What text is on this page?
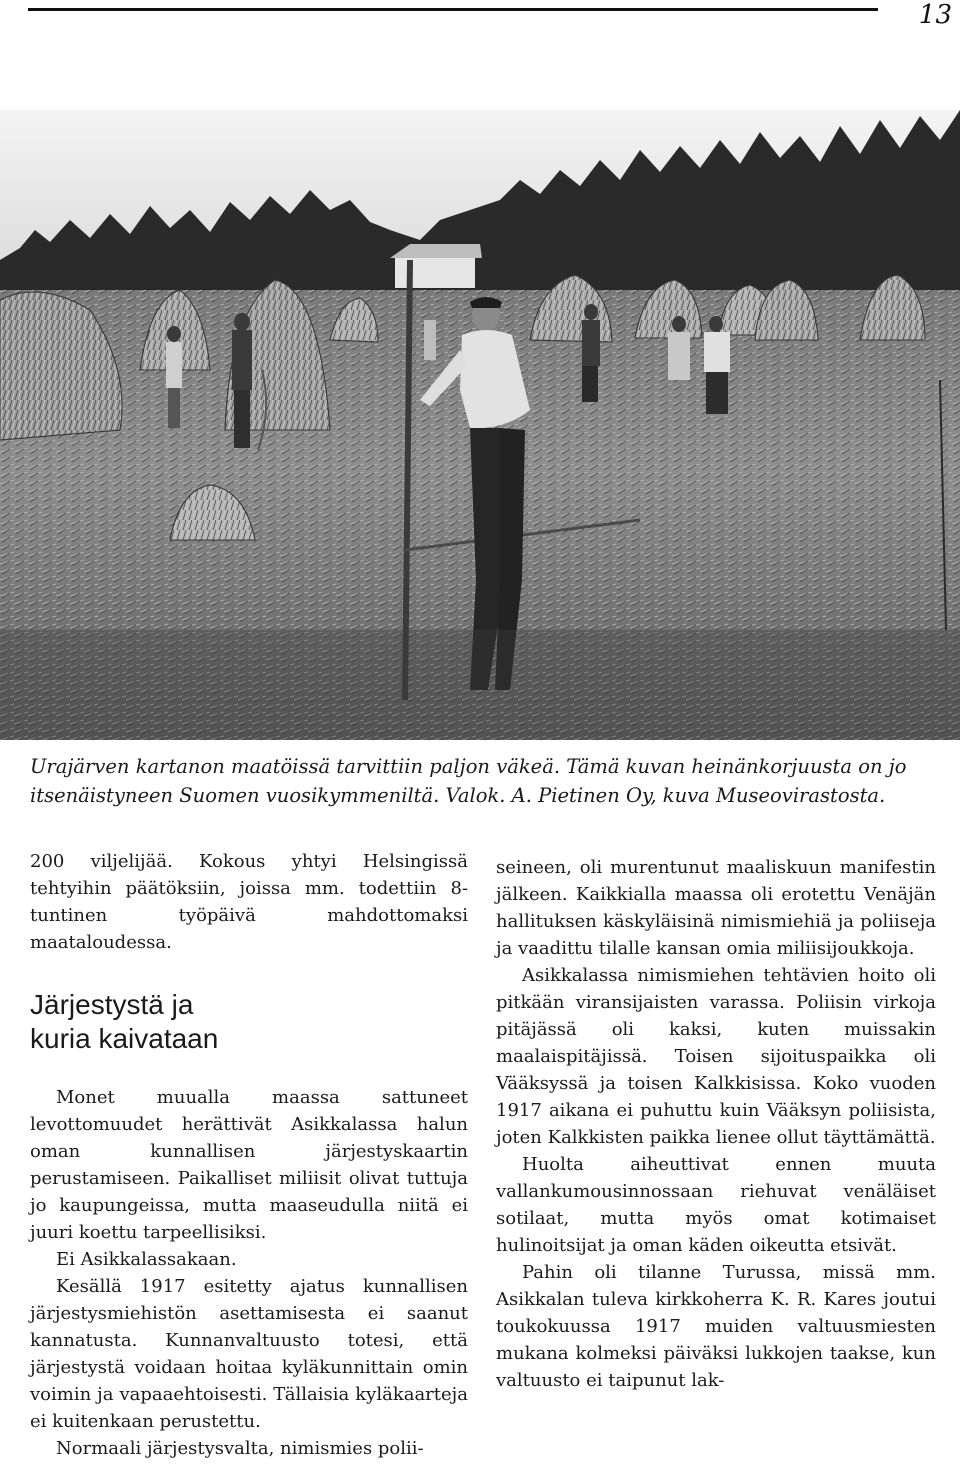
13
Urajärven kartanon maatöissä tarvittiin paljon väkeä. Tämä kuvan heinänkorjuusta on jo itsenäistyneen Suomen vuosikymmeniltä. Valok. A. Pietinen Oy, kuva Museovirastosta.

200 viljelijää. Kokous yhtyi Helsingissä tehtyihin päätöksiin, joissa mm. todettiin 8-tuntinen työpäivä mahdottomaksi maataloudessa.

Järjestystä ja
kuria kaivataan

Monet muualla maassa sattuneet levottomuudet herättivät Asikkalassa halun oman kunnallisen järjestyskaartin perustamiseen. Paikalliset miliisit olivat tuttuja jo kaupungeissa, mutta maaseudulla niitä ei juuri koettu tarpeellisiksi.

Ei Asikkalassakaan.

Kesällä 1917 esitetty ajatus kunnallisen järjestysmiehistön asettamisesta ei saanut kannatusta. Kunnanvaltuusto totesi, että järjestystä voidaan hoitaa kyläkunnittain omin voimin ja vapaaehtoisesti. Tällaisia kyläkaarteja ei kuitenkaan perustettu.

Normaali järjestysvalta, nimismies polii-

seineen, oli murentunut maaliskuun manifestin jälkeen. Kaikkialla maassa oli erotettu Venäjän hallituksen käskyläisinä nimismiehiä ja poliiseja ja vaadittu tilalle kansan omia miliisijoukkoja.

Asikkalassa nimismiehen tehtävien hoito oli pitkään viransijaisten varassa. Poliisin virkoja pitäjässä oli kaksi, kuten muissakin maalaispitäjissä. Toisen sijoituspaikka oli Vääksyssä ja toisen Kalkkisissa. Koko vuoden 1917 aikana ei puhuttu kuin Vääksyn poliisista, joten Kalkkisten paikka lienee ollut täyttämättä.

Huolta aiheuttivat ennen muuta vallankumousinnossaan riehuvat venäläiset sotilaat, mutta myös omat kotimaiset hulinoitsijat ja oman käden oikeutta etsivät.

Pahin oli tilanne Turussa, missä mm. Asikkalan tuleva kirkkoherra K. R. Kares joutui toukokuussa 1917 muiden valtuusmiesten mukana kolmeksi päiväksi lukkojen taakse, kun valtuusto ei taipunut lak-
